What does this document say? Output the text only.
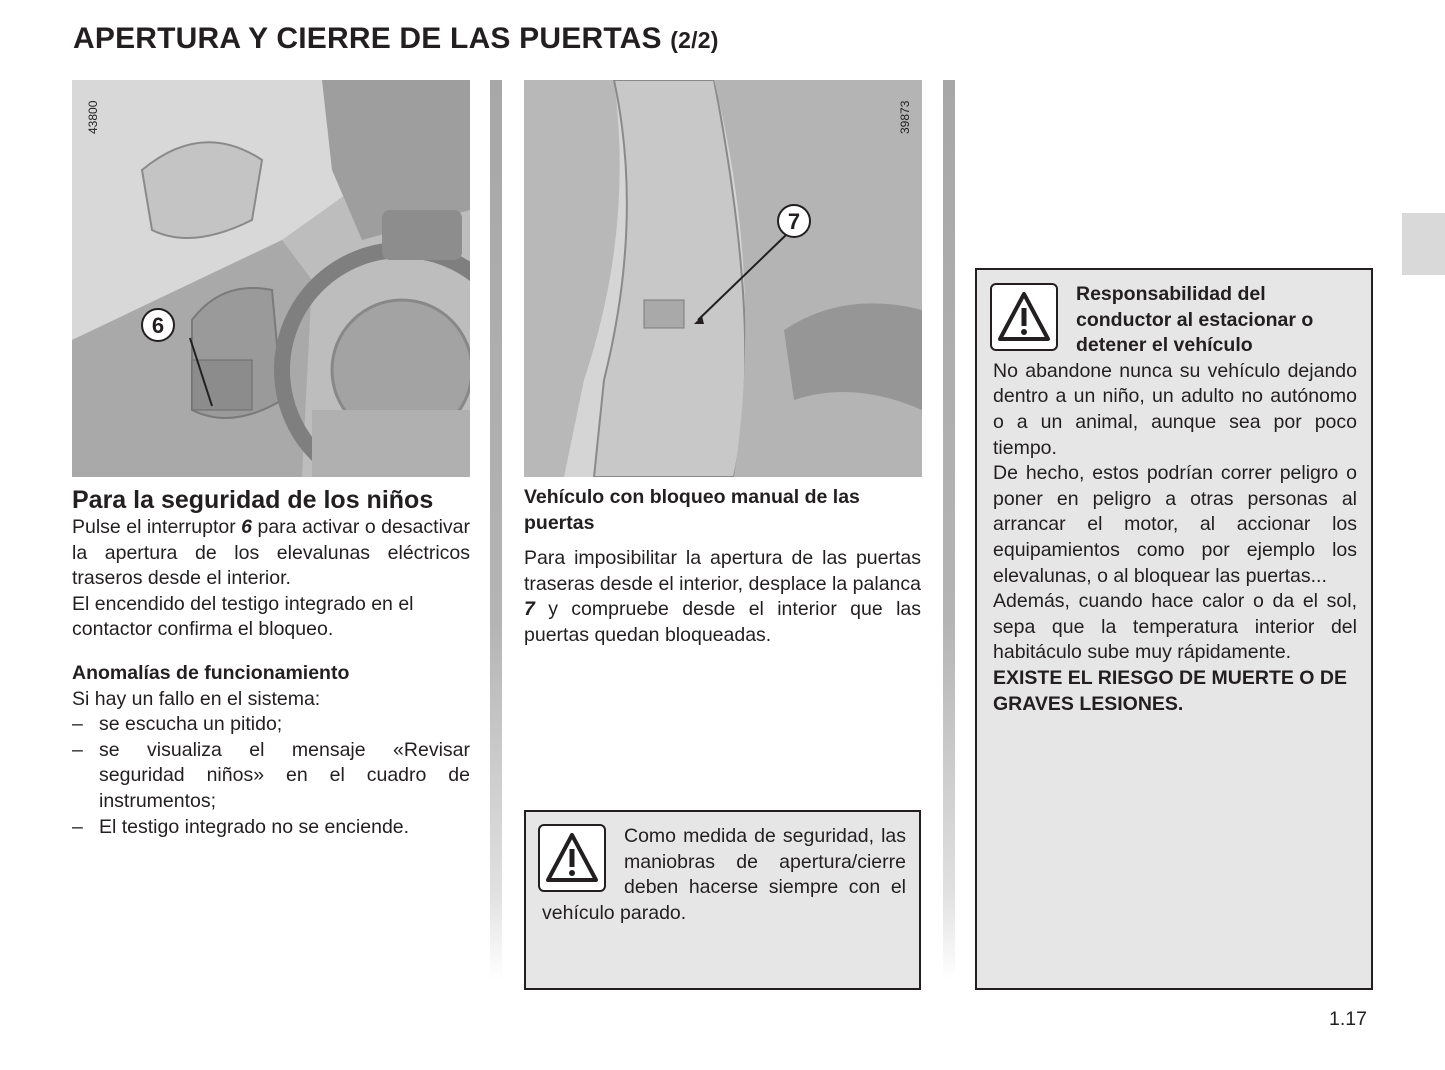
APERTURA Y CIERRE DE LAS PUERTAS (2/2)
6
43800
7
39873
Para la seguridad de los niños
Pulse el interruptor 6 para activar o desactivar la apertura de los elevalunas eléctricos traseros desde el interior.
El encendido del testigo integrado en el contactor confirma el bloqueo.
Anomalías de funcionamiento
Si hay un fallo en el sistema:
– se escucha un pitido;
– se visualiza el mensaje «Revisar seguridad niños» en el cuadro de instrumentos;
– El testigo integrado no se enciende.
Vehículo con bloqueo manual de las puertas
Para imposibilitar la apertura de las puertas traseras desde el interior, desplace la palanca 7 y compruebe desde el interior que las puertas quedan bloqueadas.
Como medida de seguridad, las maniobras de apertura/cierre deben hacerse siempre con el vehículo parado.
Responsabilidad del conductor al estacionar o detener el vehículo
No abandone nunca su vehículo dejando dentro a un niño, un adulto no autónomo o a un animal, aunque sea por poco tiempo.
De hecho, estos podrían correr peligro o poner en peligro a otras personas al arrancar el motor, al accionar los equipamientos como por ejemplo los elevalunas, o al bloquear las puertas...
Además, cuando hace calor o da el sol, sepa que la temperatura interior del habitáculo sube muy rápidamente.
EXISTE EL RIESGO DE MUERTE O DE GRAVES LESIONES.
1.17
